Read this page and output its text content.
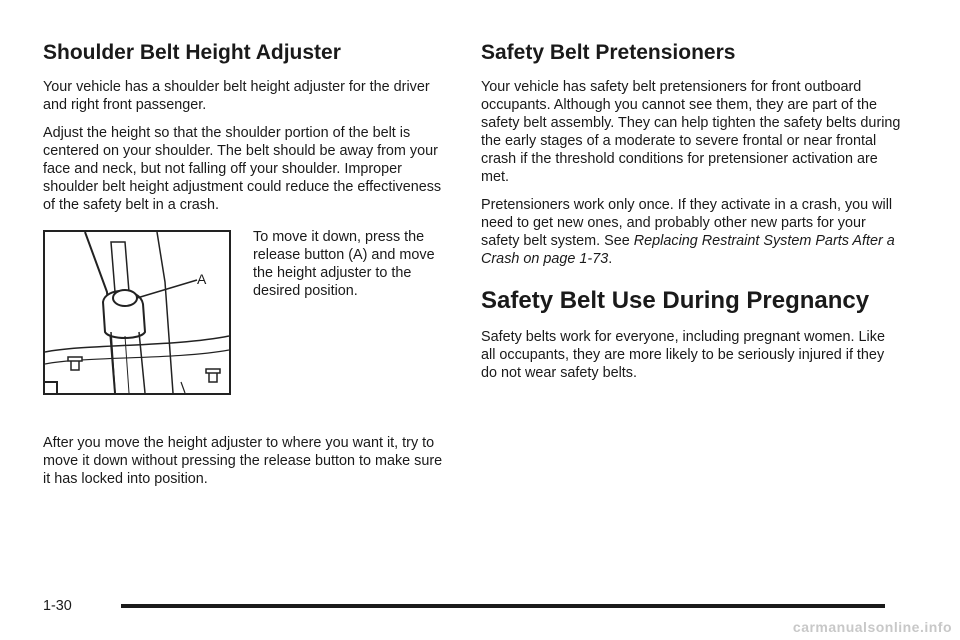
Shoulder Belt Height Adjuster

Your vehicle has a shoulder belt height adjuster for the driver and right front passenger.

Adjust the height so that the shoulder portion of the belt is centered on your shoulder. The belt should be away from your face and neck, but not falling off your shoulder. Improper shoulder belt height adjustment could reduce the effectiveness of the safety belt in a crash.

A

To move it down, press the release button (A) and move the height adjuster to the desired position.

After you move the height adjuster to where you want it, try to move it down without pressing the release button to make sure it has locked into position.

Safety Belt Pretensioners

Your vehicle has safety belt pretensioners for front outboard occupants. Although you cannot see them, they are part of the safety belt assembly. They can help tighten the safety belts during the early stages of a moderate to severe frontal or near frontal crash if the threshold conditions for pretensioner activation are met.

Pretensioners work only once. If they activate in a crash, you will need to get new ones, and probably other new parts for your safety belt system. See Replacing Restraint System Parts After a Crash on page 1-73.

Safety Belt Use During Pregnancy

Safety belts work for everyone, including pregnant women. Like all occupants, they are more likely to be seriously injured if they do not wear safety belts.

1-30
carmanualsonline.info
